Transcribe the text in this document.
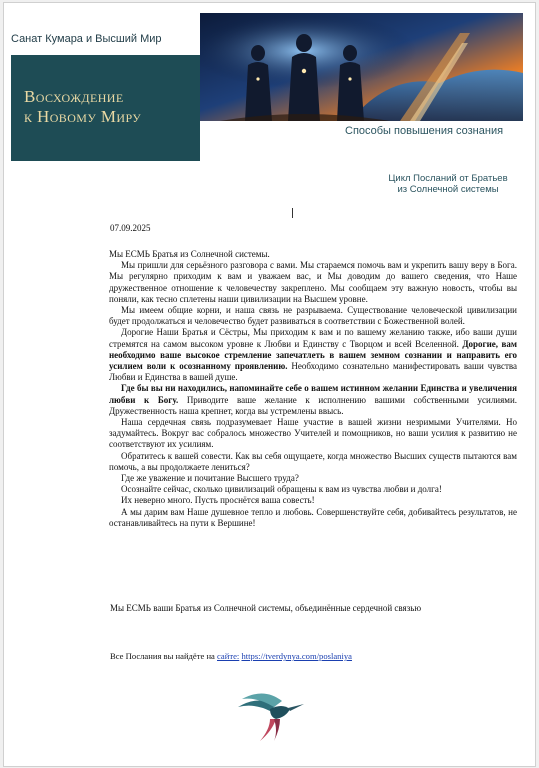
Санат Кумара и Высший Мир
Восхождение
к Новому Миру
Способы повышения сознания
Цикл Посланий от Братьев
из Солнечной системы
07.09.2025

Мы ЕСМЬ Братья из Солнечной системы.

Мы пришли для серьёзного разговора с вами. Мы стараемся помочь вам и укрепить вашу веру в Бога. Мы регулярно приходим к вам и уважаем вас, и Мы доводим до вашего сведения, что Наше дружественное отношение к человечеству закреплено. Мы сообщаем эту важную новость, чтобы вы поняли, как тесно сплетены наши цивилизации на Высшем уровне.

Мы имеем общие корни, и наша связь не разрываема. Существование человеческой цивилизации будет продолжаться и человечество будет развиваться в соответствии с Божественной волей.

Дорогие Наши Братья и Сёстры, Мы приходим к вам и по вашему желанию также, ибо ваши души стремятся на самом высоком уровне к Любви и Единству с Творцом и всей Вселенной. Дорогие, вам необходимо ваше высокое стремление запечатлеть в вашем земном сознании и направить его усилием воли к осознанному проявлению. Необходимо сознательно манифестировать ваши чувства Любви и Единства в вашей душе.

Где бы вы ни находились, напоминайте себе о вашем истинном желании Единства и увеличения любви к Богу. Приводите ваше желание к исполнению вашими собственными усилиями. Дружественность наша крепнет, когда вы устремлены ввысь.

Наша сердечная связь подразумевает Наше участие в вашей жизни незримыми Учителями. Но задумайтесь. Вокруг вас собралось множество Учителей и помощников, но ваши усилия к развитию не соответствуют их усилиям.

Обратитесь к вашей совести. Как вы себя ощущаете, когда множество Высших существ пытаются вам помочь, а вы продолжаете лениться?

Где же уважение и почитание Высшего труда?

Осознайте сейчас, сколько цивилизаций обращены к вам из чувства любви и долга!

Их неверно много. Пусть проснётся ваша совесть!

А мы дарим вам Наше душевное тепло и любовь. Совершенствуйте себя, добивайтесь результатов, не останавливайтесь на пути к Вершине!

Мы ЕСМЬ ваши Братья из Солнечной системы, объединённые сердечной связью
Все Послания вы найдёте на сайте: https://tverdynya.com/poslaniya
